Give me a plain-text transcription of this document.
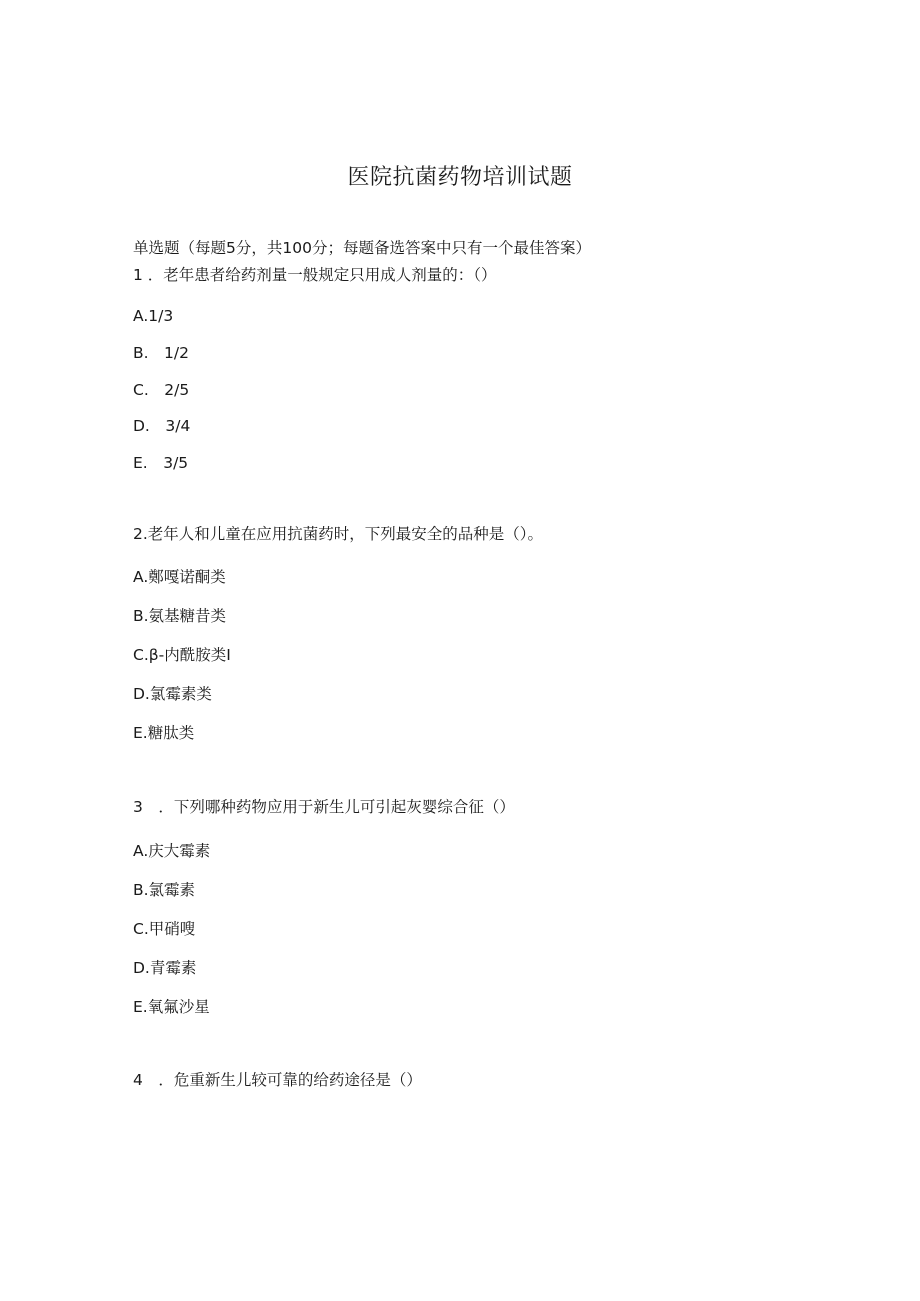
医院抗菌药物培训试题
单选题（每题5分，共100分；每题备选答案中只有一个最佳答案）
1 ．老年患者给药剂量一般规定只用成人剂量的：（）
A.1/3
B.　1/2
C.　2/5
D.　3/4
E.　3/5
2.老年人和儿童在应用抗菌药时，下列最安全的品种是（）。
A.鄭嘎诺酮类
B.氨基糖昔类
C.β-内酰胺类I
D.氯霉素类
E.糖肽类
3　．下列哪种药物应用于新生儿可引起灰婴综合征（）
A.庆大霉素
B.氯霉素
C.甲硝嗖
D.青霉素
E.氧氟沙星
4　．危重新生儿较可靠的给药途径是（）
